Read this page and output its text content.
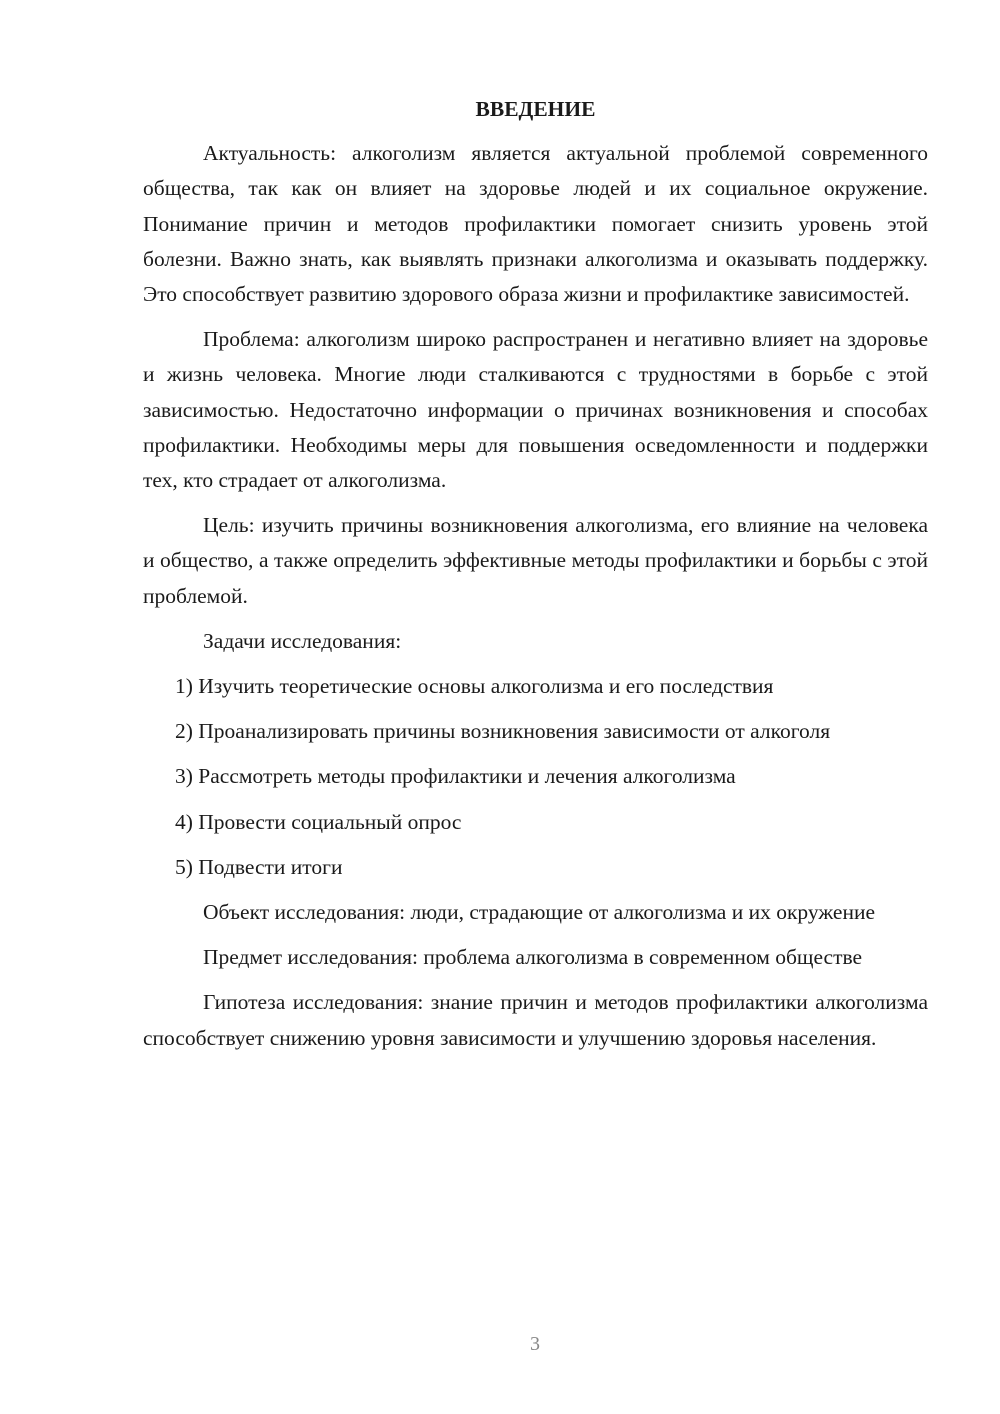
ВВЕДЕНИЕ

Актуальность: алкоголизм является актуальной проблемой современного общества, так как он влияет на здоровье людей и их социальное окружение. Понимание причин и методов профилактики помогает снизить уровень этой болезни. Важно знать, как выявлять признаки алкоголизма и оказывать поддержку. Это способствует развитию здорового образа жизни и профилактике зависимостей.

Проблема: алкоголизм широко распространен и негативно влияет на здоровье и жизнь человека. Многие люди сталкиваются с трудностями в борьбе с этой зависимостью. Недостаточно информации о причинах возникновения и способах профилактики. Необходимы меры для повышения осведомленности и поддержки тех, кто страдает от алкоголизма.

Цель: изучить причины возникновения алкоголизма, его влияние на человека и общество, а также определить эффективные методы профилактики и борьбы с этой проблемой.

Задачи исследования:

1) Изучить теоретические основы алкоголизма и его последствия

2) Проанализировать причины возникновения зависимости от алкоголя

3) Рассмотреть методы профилактики и лечения алкоголизма

4) Провести социальный опрос

5) Подвести итоги

Объект исследования: люди, страдающие от алкоголизма и их окружение

Предмет исследования: проблема алкоголизма в современном обществе

Гипотеза исследования: знание причин и методов профилактики алкоголизма способствует снижению уровня зависимости и улучшению здоровья населения.

3
